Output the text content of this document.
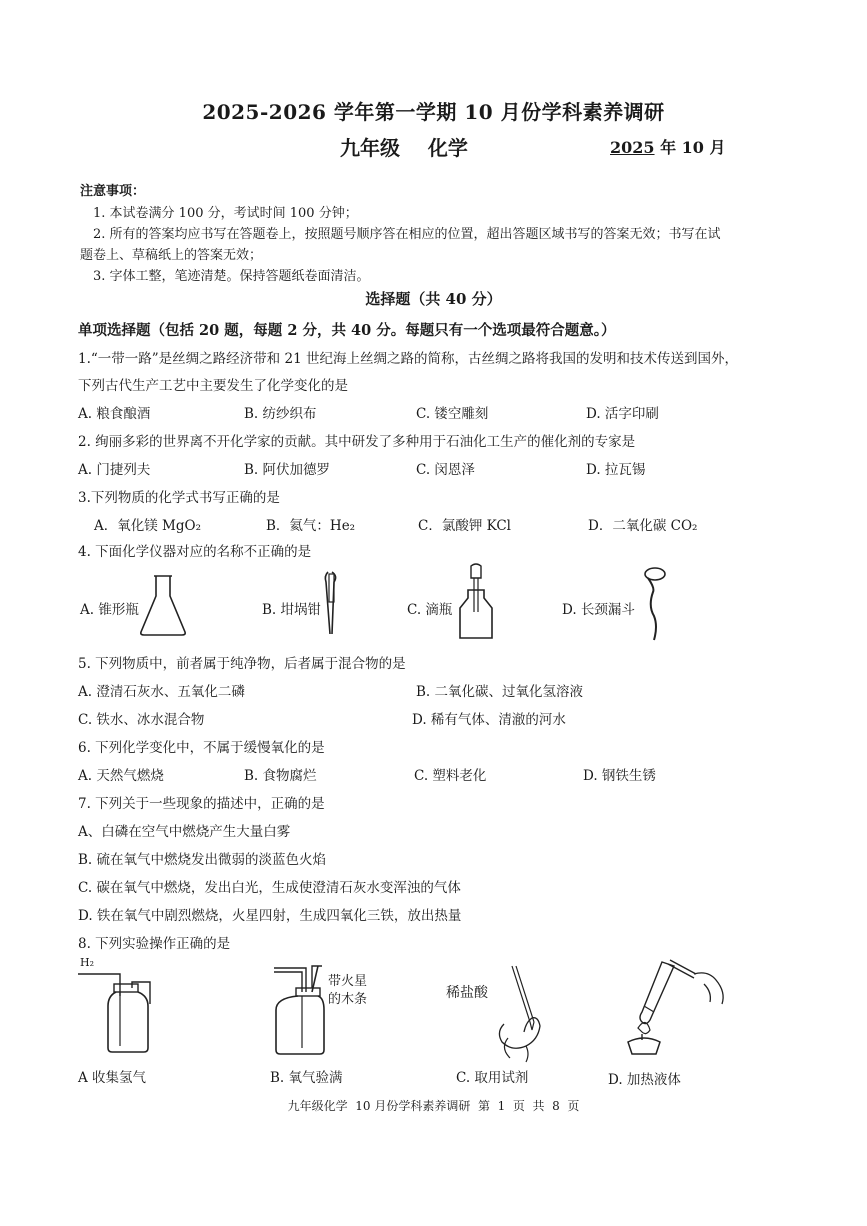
2025-2026 学年第一学期 10 月份学科素养调研
九年级    化学	2025 年 10 月
注意事项：
1. 本试卷满分 100 分，考试时间 100 分钟；
2. 所有的答案均应书写在答题卷上，按照题号顺序答在相应的位置，超出答题区域书写的答案无效；书写在试
题卷上、草稿纸上的答案无效；
3. 字体工整，笔迹清楚。保持答题纸卷面清洁。
选择题（共 40 分）
单项选择题（包括 20 题，每题 2 分，共 40 分。每题只有一个选项最符合题意。）
1.“一带一路”是丝绸之路经济带和 21 世纪海上丝绸之路的简称，古丝绸之路将我国的发明和技术传送到国外，
下列古代生产工艺中主要发生了化学变化的是
A. 粮食酿酒	B. 纺纱织布	C. 镂空雕刻	D. 活字印刷
2. 绚丽多彩的世界离不开化学家的贡献。其中研发了多种用于石油化工生产的催化剂的专家是
A. 门捷列夫	B. 阿伏加德罗	C. 闵恩泽	D. 拉瓦锡
3.下列物质的化学式书写正确的是
A．氧化镁 MgO₂	B．氦气：He₂	C．氯酸钾 KCl	D．二氧化碳 CO₂
4. 下面化学仪器对应的名称不正确的是
A. 锥形瓶	B. 坩埚钳	C. 滴瓶	D. 长颈漏斗
5. 下列物质中，前者属于纯净物，后者属于混合物的是
A. 澄清石灰水、五氧化二磷	B. 二氧化碳、过氧化氢溶液
C. 铁水、冰水混合物	D. 稀有气体、清澈的河水
6. 下列化学变化中，不属于缓慢氧化的是
A. 天然气燃烧	B. 食物腐烂	C. 塑料老化	D. 钢铁生锈
7. 下列关于一些现象的描述中，正确的是
A、白磷在空气中燃烧产生大量白雾
B. 硫在氧气中燃烧发出微弱的淡蓝色火焰
C. 碳在氧气中燃烧，发出白光，生成使澄清石灰水变浑浊的气体
D. 铁在氧气中剧烈燃烧，火星四射，生成四氧化三铁，放出热量
8. 下列实验操作正确的是
H₂
A 收集氢气
带火星
的木条
B. 氧气验满
稀盐酸
C. 取用试剂	D. 加热液体
九年级化学  10 月份学科素养调研  第  1  页  共  8  页
